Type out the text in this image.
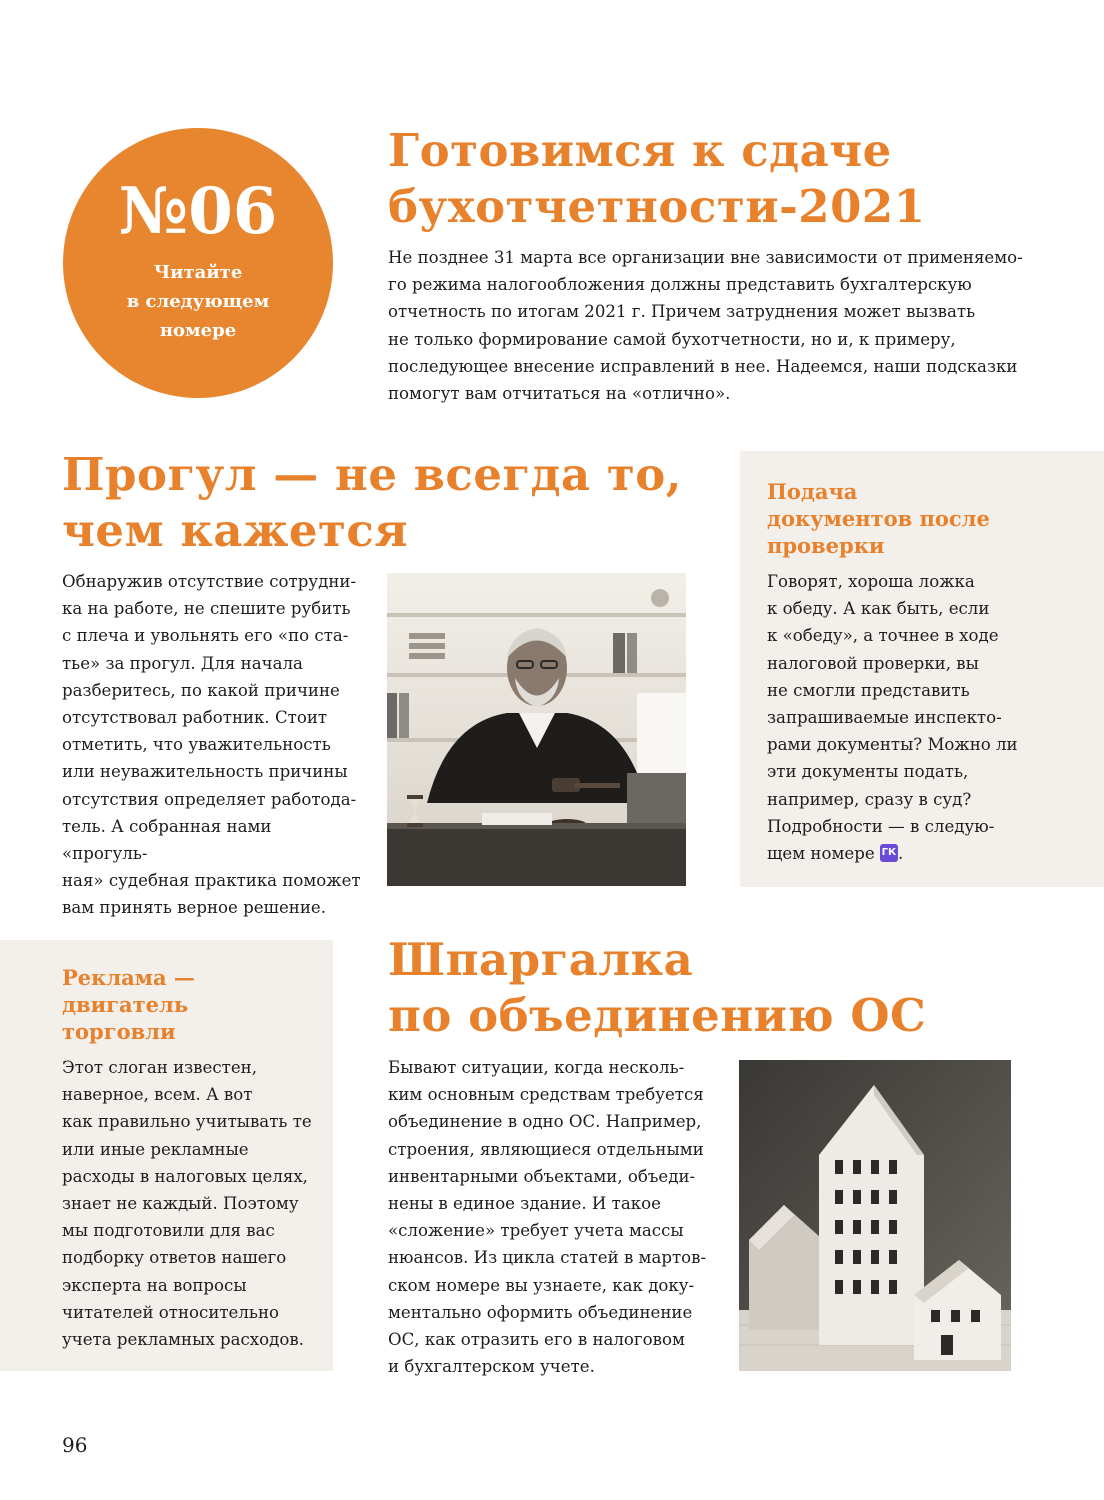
№06
Читайте
в следующем
номере
Готовимся к сдаче
бухотчетности-2021
Не позднее 31 марта все организации вне зависимости от применяемо-
го режима налогообложения должны представить бухгалтерскую
отчетность по итогам 2021 г. Причем затруднения может вызвать
не только формирование самой бухотчетности, но и, к примеру,
последующее внесение исправлений в нее. Надеемся, наши подсказки
помогут вам отчитаться на «отлично».
Прогул — не всегда то,
чем кажется
Обнаружив отсутствие сотрудни-
ка на работе, не спешите рубить
с плеча и увольнять его «по ста-
тье» за прогул. Для начала
разберитесь, по какой причине
отсутствовал работник. Стоит
отметить, что уважительность
или неуважительность причины
отсутствия определяет работода-
тель. А собранная нами «прогуль-
ная» судебная практика поможет
вам принять верное решение.
Подача
документов после
проверки
Говорят, хороша ложка
к обеду. А как быть, если
к «обеду», а точнее в ходе
налоговой проверки, вы
не смогли представить
запрашиваемые инспекто-
рами документы? Можно ли
эти документы подать,
например, сразу в суд?
Подробности — в следую-
щем номере ГК .
Реклама —
двигатель
торговли
Этот слоган известен,
наверное, всем. А вот
как правильно учитывать те
или иные рекламные
расходы в налоговых целях,
знает не каждый. Поэтому
мы подготовили для вас
подборку ответов нашего
эксперта на вопросы
читателей относительно
учета рекламных расходов.
Шпаргалка
по объединению ОС
Бывают ситуации, когда несколь-
ким основным средствам требуется
объединение в одно ОС. Например,
строения, являющиеся отдельными
инвентарными объектами, объеди-
нены в единое здание. И такое
«сложение» требует учета массы
нюансов. Из цикла статей в мартов-
ском номере вы узнаете, как доку-
ментально оформить объединение
ОС, как отразить его в налоговом
и бухгалтерском учете.
96
